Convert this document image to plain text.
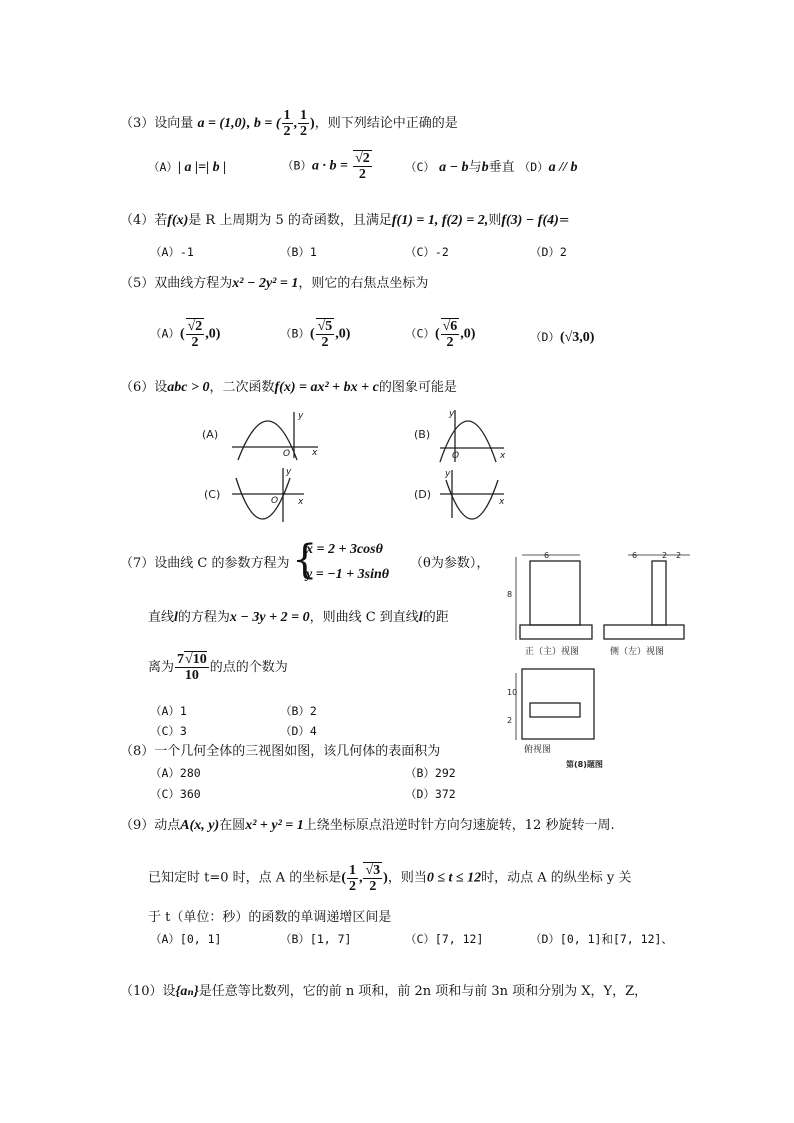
（3）设向量 a = (1,0), b = ( $\frac{1}{2}$ , $\frac{1}{2}$ )，则下列结论中正确的是
（A）| a |=| b |	$(B)a \cdot b = \frac{√2}{2}$	（C） a − b与b垂直 （D）a // b
（4）若f(x)是 R 上周期为 5 的奇函数，且满足f(1) = 1, f(2) = 2,则f(3) − f(4)=
（A）-1	（B）1	（C）-2	（D）2
（5）双曲线方程为x² − 2y² = 1，则它的右焦点坐标为
$(A)( \frac{√2}{2} ,0)$	$(B)( \frac{√5}{2} ,0)$	$(C)( \frac{√6}{2} ,0)$	（D）(√3,0)
（6）设abc > 0，二次函数f(x) = ax² + bx + c的图象可能是
(A)
y
x
O
(B)
y
x
O
(C)
y
x
O	(D)
y
x
（7）设曲线 C 的参数方程为 {
x = 2 + 3cosθ
y = −1 + 3sinθ
（θ为参数），
直线l的方程为x − 3y + 2 = 0，则曲线 C 到直线l的距
离为 $\frac{7√10}{10}$ 的点的个数为
（A）1	（B）2
（C）3	（D）4
6
8
正（主）视图
6	2 2
侧（左）视图
10
2
俯视图
第(8)题图
（8）一个几何全体的三视图如图，该几何体的表面积为
（A）280	（B）292
（C）360	（D）372
（9）动点A(x, y)在圆x² + y² = 1上绕坐标原点沿逆时针方向匀速旋转，12 秒旋转一周.
已知定时 t=0 时，点 A 的坐标是( $\frac{1}{2}$ , $\frac{√3}{2}$ )，则当0 ≤ t ≤ 12时，动点 A 的纵坐标 y 关
于 t（单位：秒）的函数的单调递增区间是
（A）[0, 1]	（B）[1, 7]	（C）[7, 12]	（D）[0, 1]和[7, 12]、
（10）设{aₙ}是任意等比数列，它的前 n 项和，前 2n 项和与前 3n 项和分别为 X，Y，Z，
